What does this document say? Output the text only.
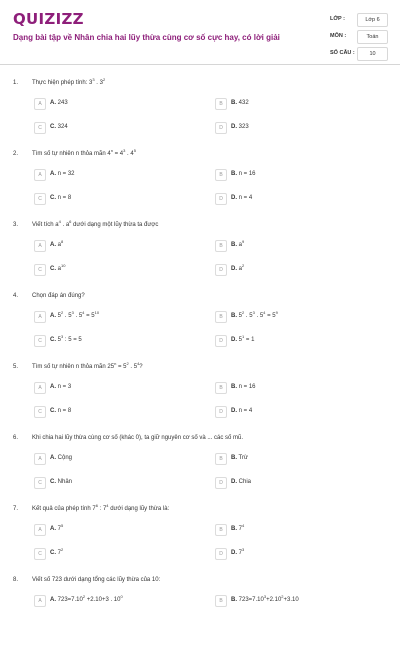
QUIZIZZ
Dạng bài tập về Nhân chia hai lũy thừa cùng cơ số cực hay, có lời giải
LỚP :	Lớp 6
MÔN :	Toán
SỐ CÂU :	10
1. Thực hiện phép tính: $3^3$ . $3^2$
A	A. 243	B	B. 432
C	C. 324	D	D. 323
2. Tìm số tự nhiên n thỏa mãn $4^n = 4^3$ . $4^5$
A	A. n = 32	B	B. n = 16
C	C. n = 8	D	D. n = 4
3. Viết tích $a^4$ . $a^6$ dưới dạng một lũy thừa ta được
A	A. $a^8$
B	B. $a^9$
C	C. $a^{10}$
D	D. $a^2$
4. Chọn đáp án đúng?
A	A. $5^2$ . $5^3$ . $5^4 = 5^{10}$
B	B. $5^2$ . $5^3$ . $5^4 = 5^9$
C	C. $5^3$ : 5 = 5	D	D. $5^1 = 1$
5. Tìm số tự nhiên n thỏa mãn $25^n = 5^2$ . $5^4$?
A	A. n = 3	B	B. n = 16
C	C. n = 8	D	D. n = 4
6. Khi chia hai lũy thừa cùng cơ số (khác 0), ta giữ nguyên cơ số và ... các số mũ.
A	A. Cộng	B	B. Trừ
C	C. Nhân	D	D. Chia
7. Kết quả của phép tính $7^6$ : $7^4$ dưới dạng lũy thừa là:
A	A. $7^5$
B	B. $7^4$
C	C. $7^2$
D	D. $7^3$
8. Viết số 723 dưới dạng tổng các lũy thừa của 10:
A	A. $723=7.10^2 +2.10+3$ . $10^0$
B	B. $723=7.10^3+2.10^2+3.10$
